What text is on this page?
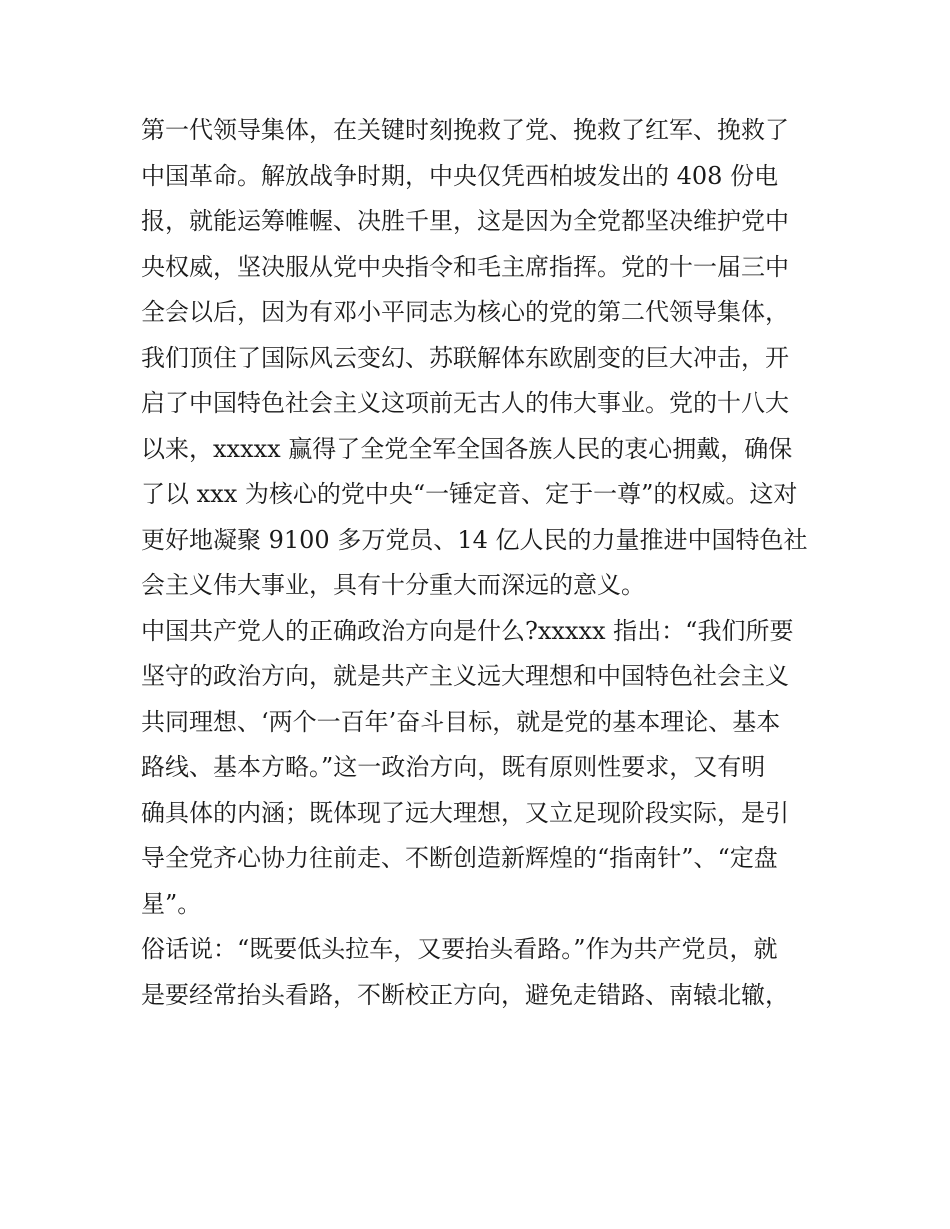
第一代领导集体，在关键时刻挽救了党、挽救了红军、挽救了
中国革命。解放战争时期，中央仅凭西柏坡发出的 408 份电
报，就能运筹帷幄、决胜千里，这是因为全党都坚决维护党中
央权威，坚决服从党中央指令和毛主席指挥。党的十一届三中
全会以后，因为有邓小平同志为核心的党的第二代领导集体，
我们顶住了国际风云变幻、苏联解体东欧剧变的巨大冲击，开
启了中国特色社会主义这项前无古人的伟大事业。党的十八大
以来，xxxxx 赢得了全党全军全国各族人民的衷心拥戴，确保
了以 xxx 为核心的党中央“一锤定音、定于一尊”的权威。这对
更好地凝聚 9100 多万党员、14 亿人民的力量推进中国特色社
会主义伟大事业，具有十分重大而深远的意义。
中国共产党人的正确政治方向是什么?xxxxx 指出：“我们所要
坚守的政治方向，就是共产主义远大理想和中国特色社会主义
共同理想、‘两个一百年’奋斗目标，就是党的基本理论、基本
路线、基本方略。”这一政治方向，既有原则性要求，又有明
确具体的内涵；既体现了远大理想，又立足现阶段实际，是引
导全党齐心协力往前走、不断创造新辉煌的“指南针”、“定盘
星”。
俗话说：“既要低头拉车，又要抬头看路。”作为共产党员，就
是要经常抬头看路，不断校正方向，避免走错路、南辕北辙，
